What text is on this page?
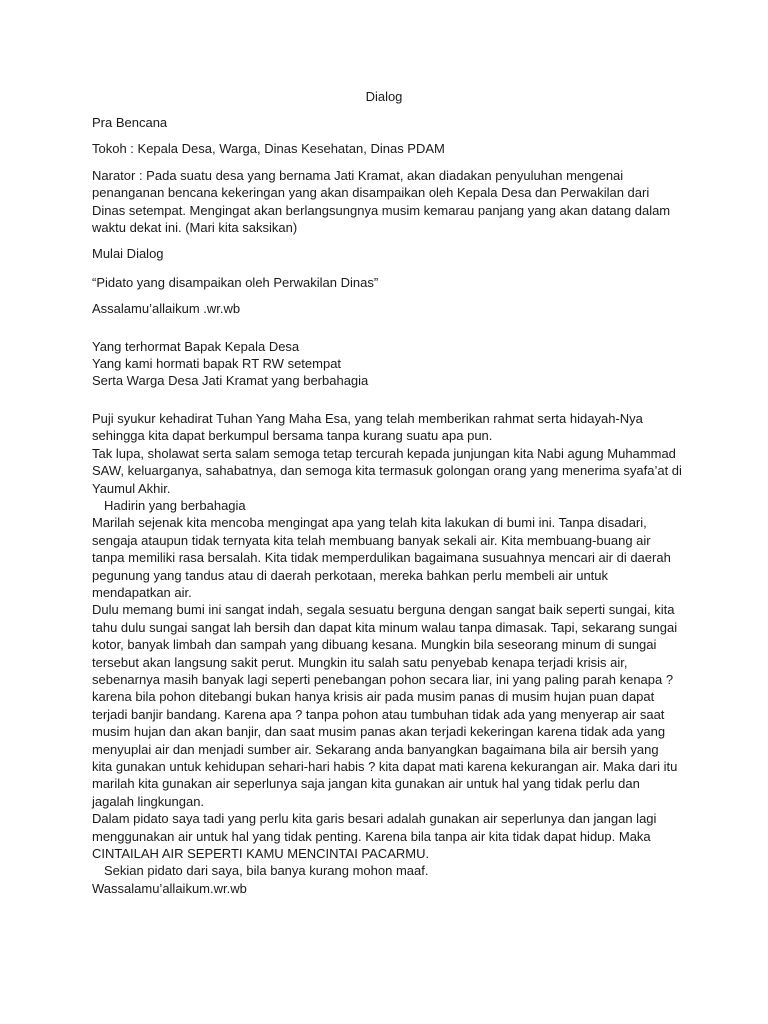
Dialog

Pra Bencana

Tokoh : Kepala Desa, Warga, Dinas Kesehatan, Dinas PDAM

Narator : Pada suatu desa yang bernama Jati Kramat, akan diadakan penyuluhan mengenai penanganan bencana kekeringan yang akan disampaikan oleh Kepala Desa dan Perwakilan dari Dinas setempat. Mengingat akan berlangsungnya musim kemarau panjang yang akan datang dalam waktu dekat ini. (Mari kita saksikan)

Mulai Dialog

“Pidato yang disampaikan oleh Perwakilan Dinas”

Assalamu’allaikum .wr.wb

Yang terhormat Bapak Kepala Desa

Yang kami hormati bapak RT RW setempat

Serta Warga Desa Jati Kramat yang berbahagia

Puji syukur kehadirat Tuhan Yang Maha Esa, yang telah memberikan rahmat serta hidayah-Nya sehingga kita dapat berkumpul bersama tanpa kurang suatu apa pun.

Tak lupa, sholawat serta salam semoga tetap tercurah kepada junjungan kita Nabi agung Muhammad SAW, keluarganya, sahabatnya, dan semoga kita termasuk golongan orang yang menerima syafa’at di Yaumul Akhir.

Hadirin yang berbahagia

Marilah sejenak kita mencoba mengingat apa yang telah kita lakukan di bumi ini. Tanpa disadari, sengaja ataupun tidak ternyata kita telah membuang banyak sekali air. Kita membuang-buang air tanpa memiliki rasa bersalah. Kita tidak memperdulikan bagaimana susuahnya mencari air di daerah pegunung yang tandus atau di daerah perkotaan, mereka bahkan perlu membeli air untuk mendapatkan air.

Dulu memang bumi ini sangat indah, segala sesuatu berguna dengan sangat baik seperti sungai, kita tahu dulu sungai sangat lah bersih dan dapat kita minum walau tanpa dimasak. Tapi, sekarang sungai kotor, banyak limbah dan sampah yang dibuang kesana. Mungkin bila seseorang minum di sungai tersebut akan langsung sakit perut. Mungkin itu salah satu penyebab kenapa terjadi krisis air, sebenarnya masih banyak lagi seperti penebangan pohon secara liar, ini yang paling parah kenapa ? karena bila pohon ditebangi bukan hanya krisis air pada musim panas di musim hujan puan dapat terjadi banjir bandang. Karena apa ? tanpa pohon atau tumbuhan tidak ada yang menyerap air saat musim hujan dan akan banjir, dan saat musim panas akan terjadi kekeringan karena tidak ada yang menyuplai air dan menjadi sumber air. Sekarang anda banyangkan bagaimana bila air bersih yang kita gunakan untuk kehidupan sehari-hari habis ? kita dapat mati karena kekurangan air. Maka dari itu marilah kita gunakan air seperlunya saja jangan kita gunakan air untuk hal yang tidak perlu dan jagalah lingkungan.

Dalam pidato saya tadi yang perlu kita garis besari adalah gunakan air seperlunya dan jangan lagi menggunakan air untuk hal yang tidak penting. Karena bila tanpa air kita tidak dapat hidup. Maka CINTAILAH AIR SEPERTI KAMU MENCINTAI PACARMU.

Sekian pidato dari saya, bila banya kurang mohon maaf.

Wassalamu’allaikum.wr.wb
